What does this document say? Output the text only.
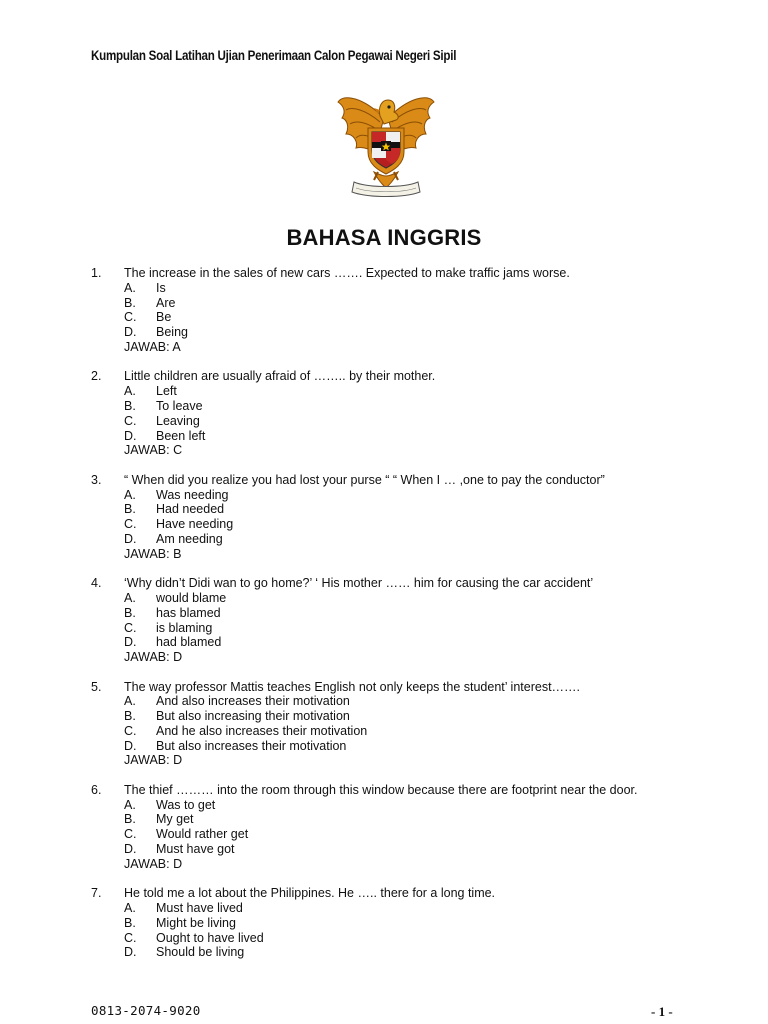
Kumpulan Soal Latihan Ujian Penerimaan Calon Pegawai Negeri Sipil
BAHASA INGGRIS
1.	The increase in the sales of new cars ……. Expected to make traffic jams worse.
A.	Is
B.	Are
C.	Be
D.	Being
JAWAB: A
2.	Little children are usually afraid of …….. by their mother.
A.	Left
B.	To leave
C.	Leaving
D.	Been left
JAWAB: C
3.	“ When did you realize you had lost your purse “ “ When I … ,one to pay the conductor”
A.	Was needing
B.	Had needed
C.	Have needing
D.	Am needing
JAWAB: B
4.	‘Why didn’t Didi wan to go home?’ ‘ His mother …… him for causing the car accident’
A.	would blame
B.	has blamed
C.	is blaming
D.	had blamed
JAWAB: D
5.	The way professor Mattis teaches English not only keeps the student’ interest…….
A.	And also increases their motivation
B.	But also increasing their motivation
C.	And he also increases their motivation
D.	But also increases their motivation
JAWAB: D
6.	The thief ……… into the room through this window because there are footprint near the door.
A.	Was to get
B.	My get
C.	Would rather get
D.	Must have got
JAWAB: D
7.	He told me a lot about the Philippines. He ….. there for a long time.
A.	Must have lived
B.	Might be living
C.	Ought to have lived
D.	Should be living
0813-2074-9020	- 1 -
